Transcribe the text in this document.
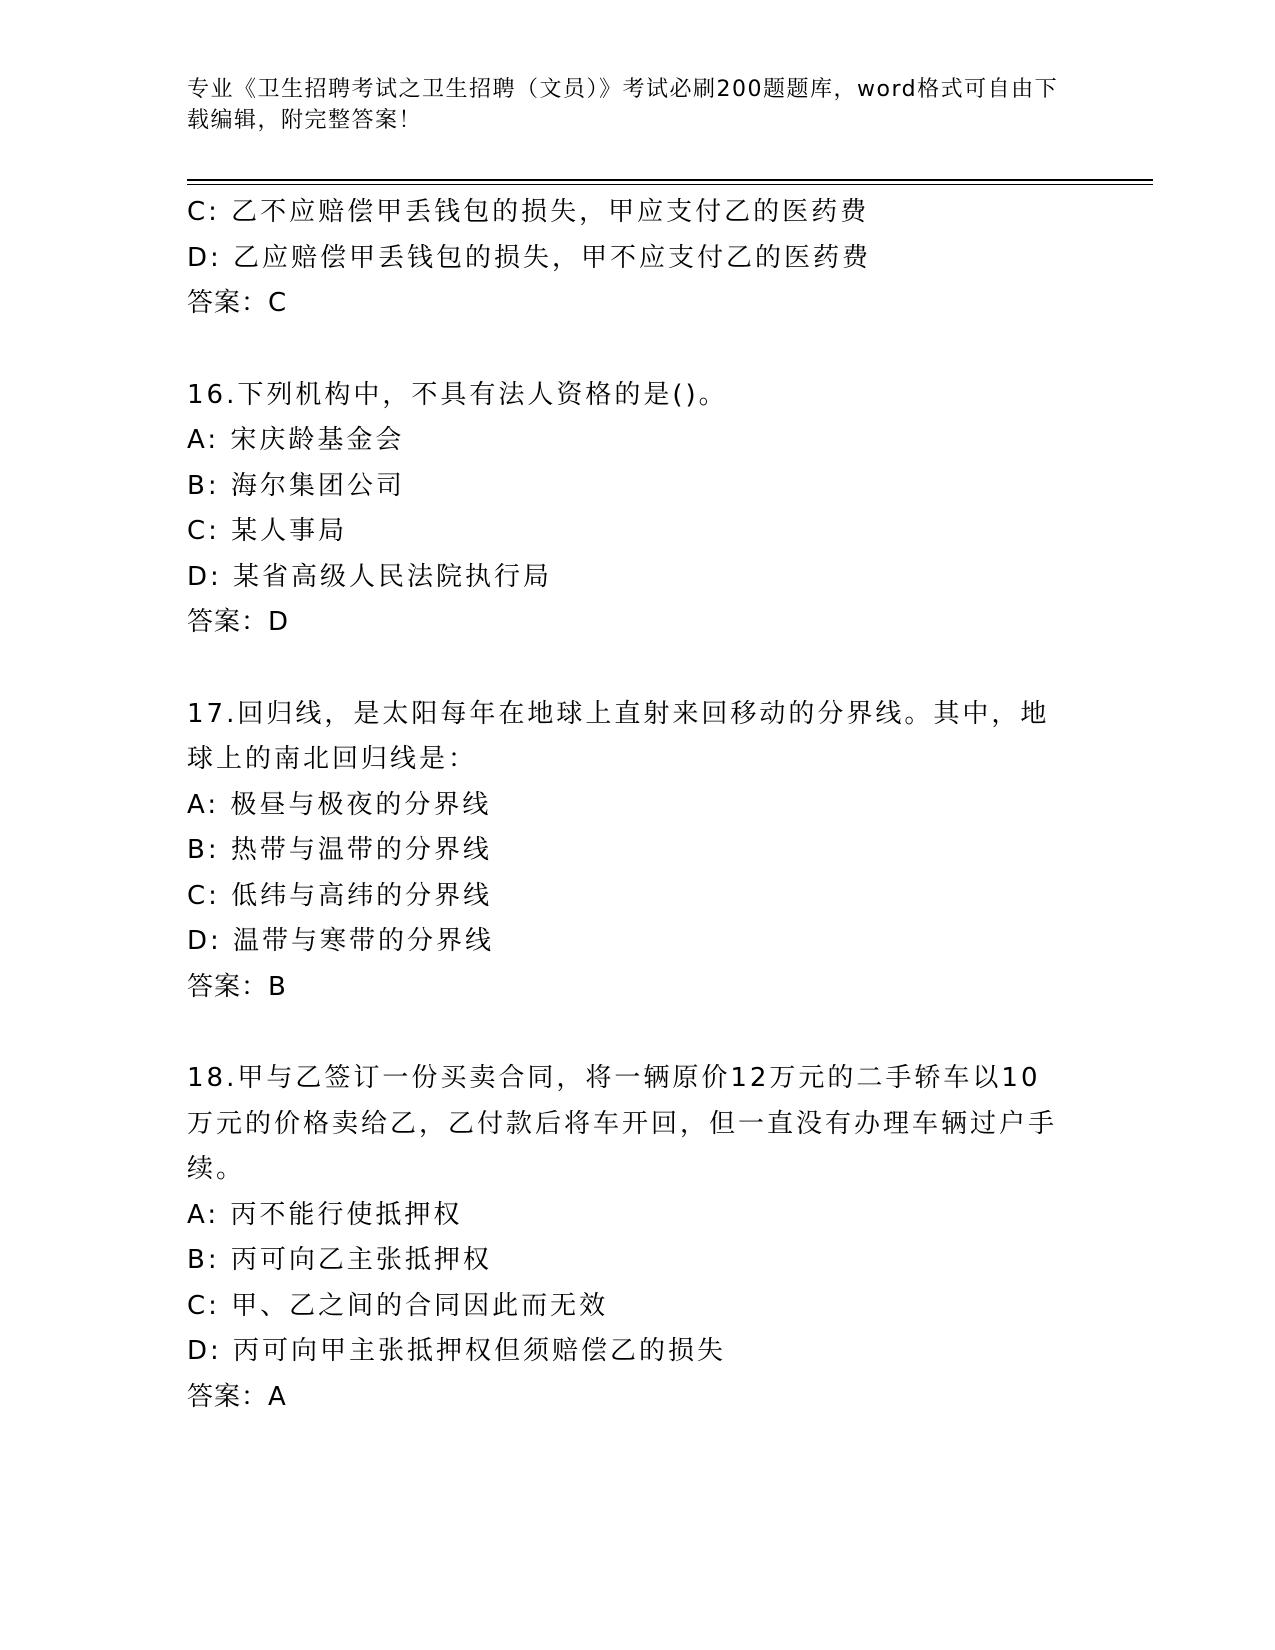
专业《卫生招聘考试之卫生招聘（文员）》考试必刷200题题库，word格式可自由下载编辑，附完整答案！
C: 乙不应赔偿甲丢钱包的损失，甲应支付乙的医药费
D: 乙应赔偿甲丢钱包的损失，甲不应支付乙的医药费
答案：C
16.下列机构中，不具有法人资格的是()。
A: 宋庆龄基金会
B: 海尔集团公司
C: 某人事局
D: 某省高级人民法院执行局
答案：D
17.回归线，是太阳每年在地球上直射来回移动的分界线。其中，地球上的南北回归线是：
A: 极昼与极夜的分界线
B: 热带与温带的分界线
C: 低纬与高纬的分界线
D: 温带与寒带的分界线
答案：B
18.甲与乙签订一份买卖合同，将一辆原价12万元的二手轿车以10万元的价格卖给乙，乙付款后将车开回，但一直没有办理车辆过户手续。
A: 丙不能行使抵押权
B: 丙可向乙主张抵押权
C: 甲、乙之间的合同因此而无效
D: 丙可向甲主张抵押权但须赔偿乙的损失
答案：A
